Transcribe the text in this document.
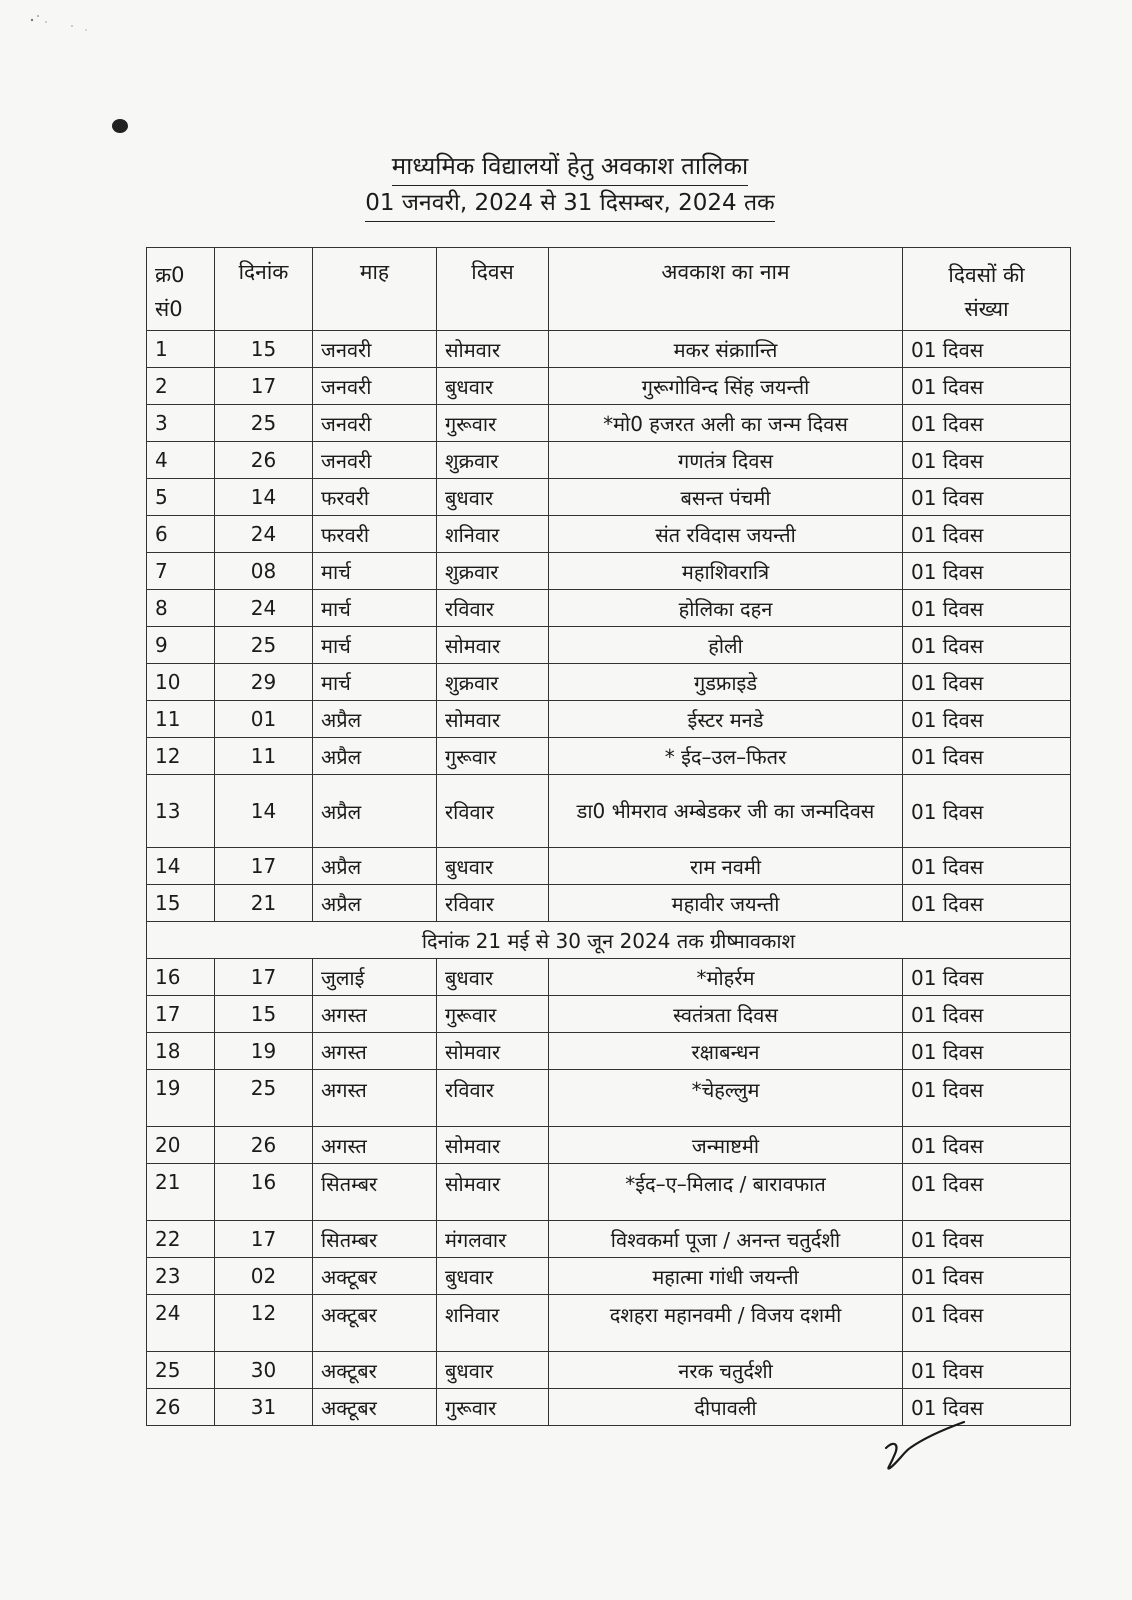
माध्यमिक विद्यालयों हेतु अवकाश तालिका
01 जनवरी, 2024 से 31 दिसम्बर, 2024 तक
क्र0
सं0	दिनांक	माह	दिवस	अवकाश का नाम	दिवसों की
संख्या
1	15	जनवरी	सोमवार	मकर संक्राान्ति	01 दिवस
2	17	जनवरी	बुधवार	गुरूगोविन्द सिंह जयन्ती	01 दिवस
3	25	जनवरी	गुरूवार	*मो0 हजरत अली का जन्म दिवस	01 दिवस
4	26	जनवरी	शुक्रवार	गणतंत्र दिवस	01 दिवस
5	14	फरवरी	बुधवार	बसन्त पंचमी	01 दिवस
6	24	फरवरी	शनिवार	संत रविदास जयन्ती	01 दिवस
7	08	मार्च	शुक्रवार	महाशिवरात्रि	01 दिवस
8	24	मार्च	रविवार	होलिका दहन	01 दिवस
9	25	मार्च	सोमवार	होली	01 दिवस
10	29	मार्च	शुक्रवार	गुडफ्राइडे	01 दिवस
11	01	अप्रैल	सोमवार	ईस्टर मनडे	01 दिवस
12	11	अप्रैल	गुरूवार	* ईद–उल–फितर	01 दिवस
13	14	अप्रैल	रविवार	डा0 भीमराव अम्बेडकर जी का जन्मदिवस	01 दिवस
14	17	अप्रैल	बुधवार	राम नवमी	01 दिवस
15	21	अप्रैल	रविवार	महावीर जयन्ती	01 दिवस
दिनांक 21 मई से 30 जून 2024 तक ग्रीष्मावकाश					
16	17	जुलाई	बुधवार	*मोहर्रम	01 दिवस
17	15	अगस्त	गुरूवार	स्वतंत्रता दिवस	01 दिवस
18	19	अगस्त	सोमवार	रक्षाबन्धन	01 दिवस
19	25	अगस्त	रविवार	*चेहल्लुम	01 दिवस
20	26	अगस्त	सोमवार	जन्माष्टमी	01 दिवस
21	16	सितम्बर	सोमवार	*ईद–ए–मिलाद / बारावफात	01 दिवस
22	17	सितम्बर	मंगलवार	विश्वकर्मा पूजा / अनन्त चतुर्दशी	01 दिवस
23	02	अक्टूबर	बुधवार	महात्मा गांधी जयन्ती	01 दिवस
24	12	अक्टूबर	शनिवार	दशहरा महानवमी / विजय दशमी	01 दिवस
25	30	अक्टूबर	बुधवार	नरक चतुर्दशी	01 दिवस
26	31	अक्टूबर	गुरूवार	दीपावली	01 दिवस
